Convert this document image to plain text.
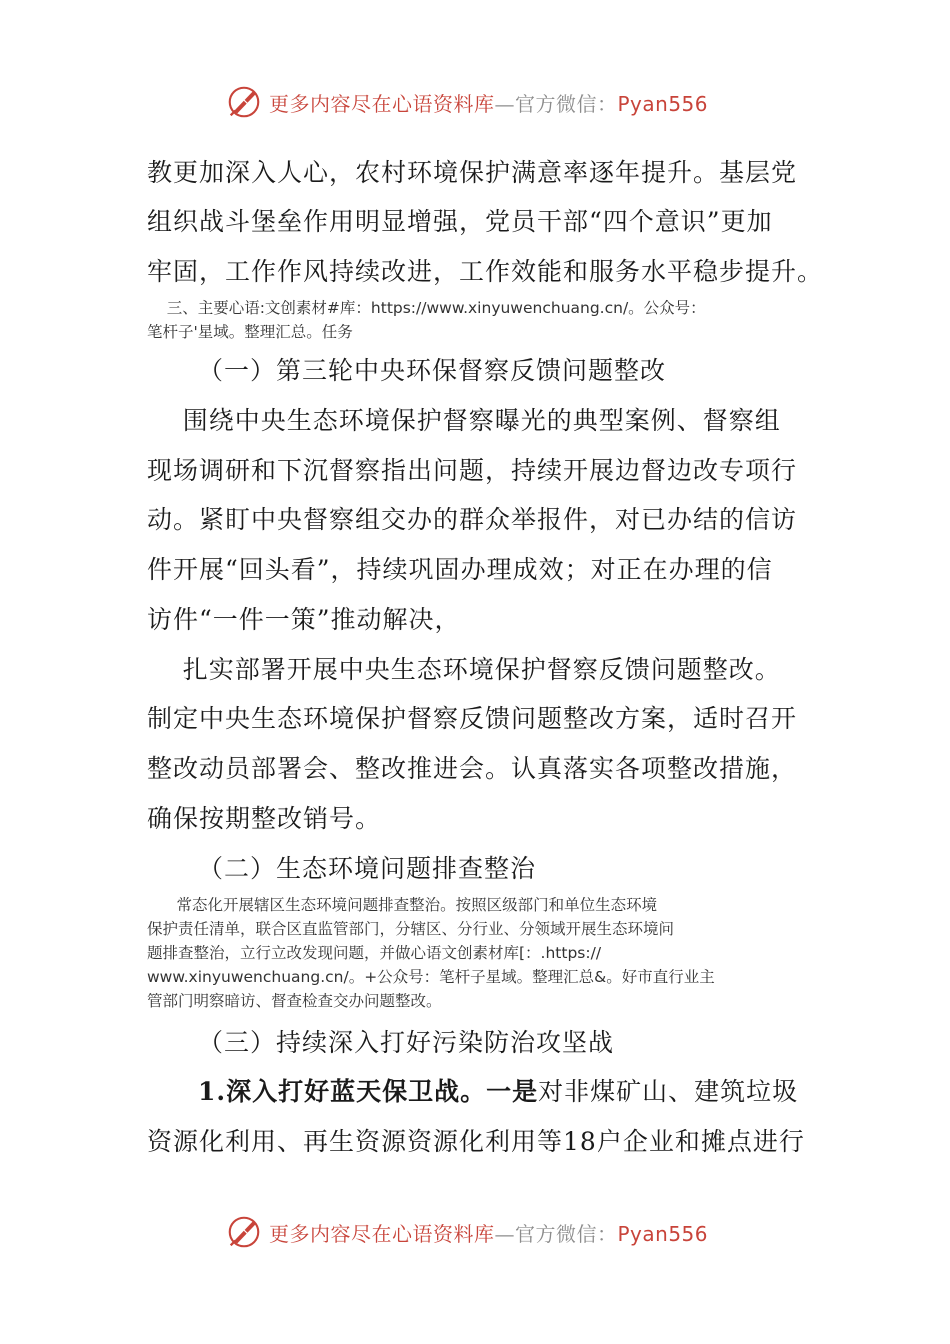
更多内容尽在心语资料库—官方微信：Pyan556

教更加深入人心，农村环境保护满意率逐年提升。基层党

组织战斗堡垒作用明显增强，党员干部“四个意识”更加

牢固，工作作风持续改进，工作效能和服务水平稳步提升。

三、主要心语:文创素材#库：https://www.xinyuwenchuang.cn/。公众号：

笔杆子'星域。整理汇总。任务

（一）第三轮中央环保督察反馈问题整改

围绕中央生态环境保护督察曝光的典型案例、督察组

现场调研和下沉督察指出问题，持续开展边督边改专项行

动。紧盯中央督察组交办的群众举报件，对已办结的信访

件开展“回头看”，持续巩固办理成效；对正在办理的信

访件“一件一策”推动解决，

扎实部署开展中央生态环境保护督察反馈问题整改。

制定中央生态环境保护督察反馈问题整改方案，适时召开

整改动员部署会、整改推进会。认真落实各项整改措施，

确保按期整改销号。

（二）生态环境问题排查整治

常态化开展辖区生态环境问题排查整治。按照区级部门和单位生态环境

保护责任清单，联合区直监管部门，分辖区、分行业、分领域开展生态环境问

题排查整治，立行立改发现问题，并做心语文创素材库[：.https://

www.xinyuwenchuang.cn/。+公众号：笔杆子星域。整理汇总&。好市直行业主

管部门明察暗访、督查检查交办问题整改。

（三）持续深入打好污染防治攻坚战

1.深入打好蓝天保卫战。一是对非煤矿山、建筑垃圾

资源化利用、再生资源资源化利用等18户企业和摊点进行

更多内容尽在心语资料库—官方微信：Pyan556
